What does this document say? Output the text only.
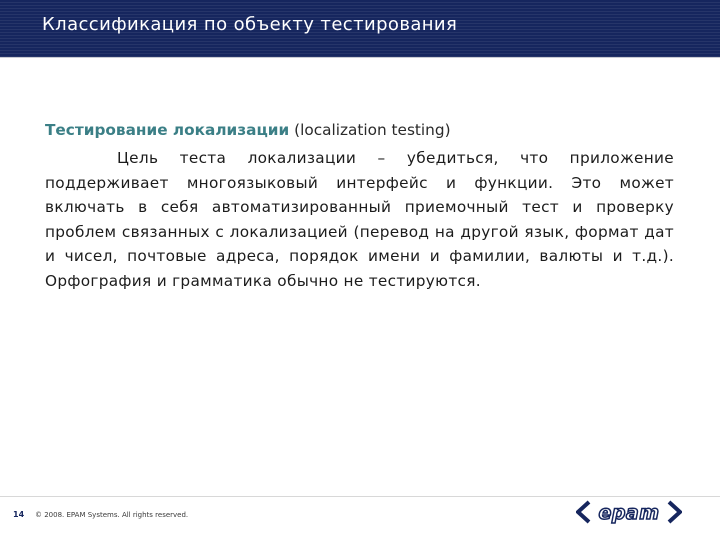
Классификация по объекту тестирования

Тестирование локализации (localization testing)

Цель теста локализации – убедиться, что приложение поддерживает многоязыковый интерфейс и функции. Это может включать в себя автоматизированный приемочный тест и проверку проблем связанных с локализацией (перевод на другой язык, формат дат и чисел, почтовые адреса, порядок имени и фамилии, валюты и т.д.). Орфография и грамматика обычно не тестируются.

14 © 2008. EPAM Systems. All rights reserved.	epam
